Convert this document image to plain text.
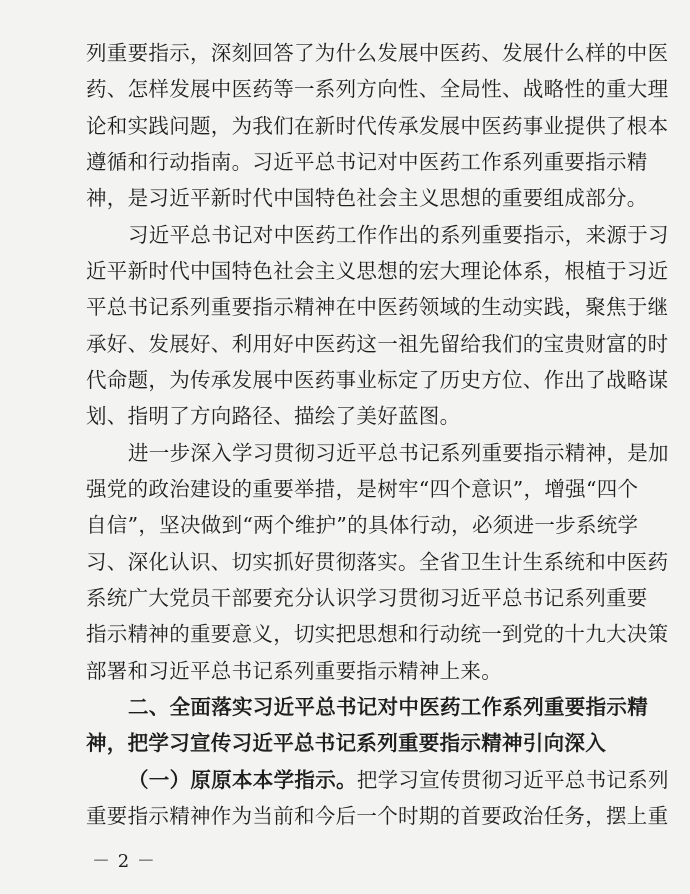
列重要指示，深刻回答了为什么发展中医药、发展什么样的中医
药、怎样发展中医药等一系列方向性、全局性、战略性的重大理
论和实践问题，为我们在新时代传承发展中医药事业提供了根本
遵循和行动指南。习近平总书记对中医药工作系列重要指示精
神，是习近平新时代中国特色社会主义思想的重要组成部分。
习近平总书记对中医药工作作出的系列重要指示，来源于习
近平新时代中国特色社会主义思想的宏大理论体系，根植于习近
平总书记系列重要指示精神在中医药领域的生动实践，聚焦于继
承好、发展好、利用好中医药这一祖先留给我们的宝贵财富的时
代命题，为传承发展中医药事业标定了历史方位、作出了战略谋
划、指明了方向路径、描绘了美好蓝图。
进一步深入学习贯彻习近平总书记系列重要指示精神，是加
强党的政治建设的重要举措，是树牢“四个意识”，增强“四个
自信”，坚决做到“两个维护”的具体行动，必须进一步系统学
习、深化认识、切实抓好贯彻落实。全省卫生计生系统和中医药
系统广大党员干部要充分认识学习贯彻习近平总书记系列重要
指示精神的重要意义，切实把思想和行动统一到党的十九大决策
部署和习近平总书记系列重要指示精神上来。
二、全面落实习近平总书记对中医药工作系列重要指示精
神，把学习宣传习近平总书记系列重要指示精神引向深入
（一）原原本本学指示。把学习宣传贯彻习近平总书记系列
重要指示精神作为当前和今后一个时期的首要政治任务，摆上重
－ 2 －
